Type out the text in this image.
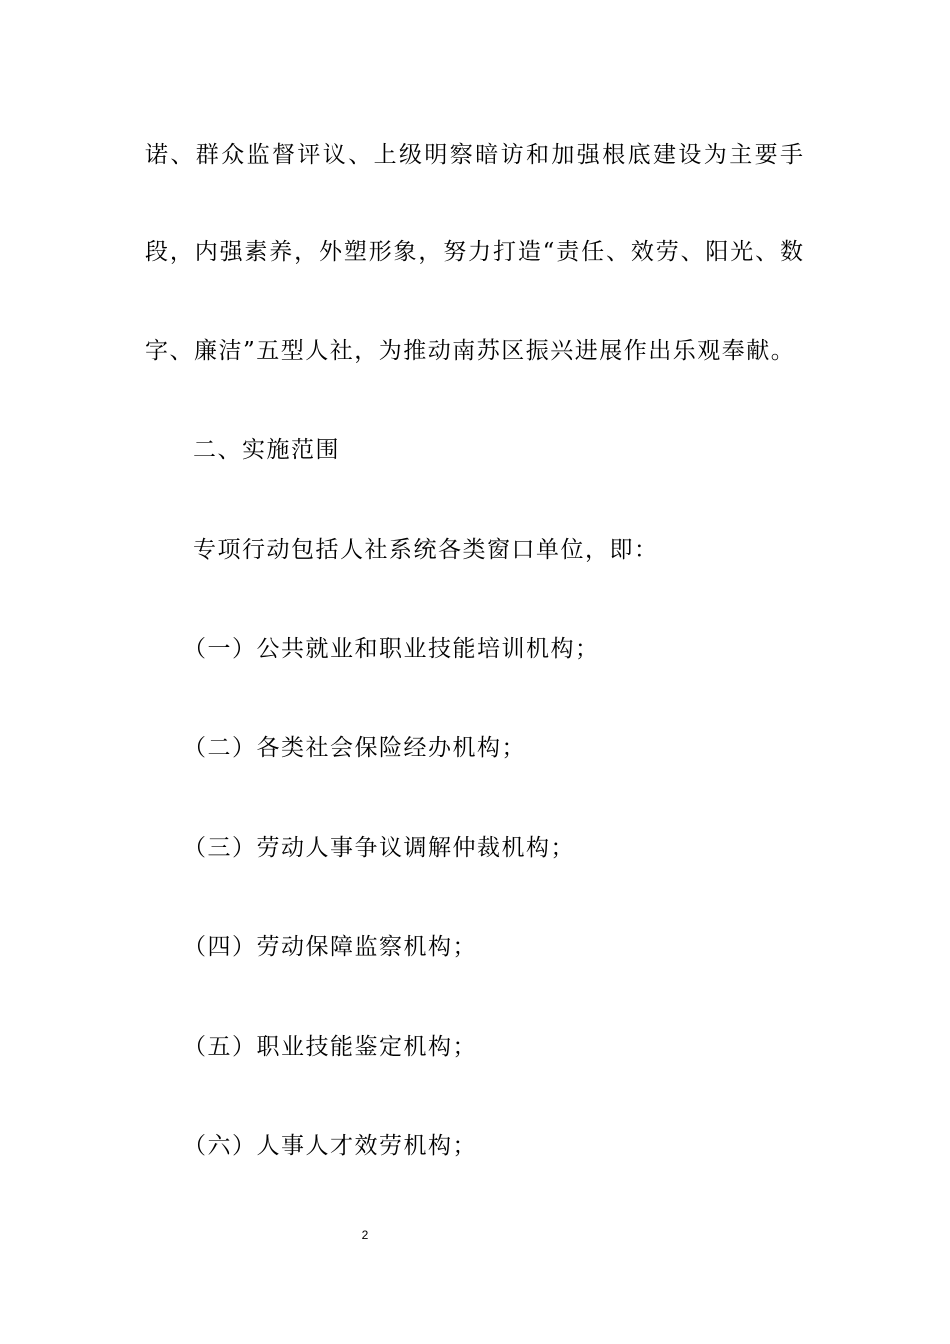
诺、群众监督评议、上级明察暗访和加强根底建设为主要手
段，内强素养，外塑形象，努力打造“责任、效劳、阳光、数
字、廉洁”五型人社，为推动南苏区振兴进展作出乐观奉献。
二、实施范围
专项行动包括人社系统各类窗口单位，即：
（一）公共就业和职业技能培训机构；
（二）各类社会保险经办机构；
（三）劳动人事争议调解仲裁机构；
（四）劳动保障监察机构；
（五）职业技能鉴定机构；
（六）人事人才效劳机构；
2
